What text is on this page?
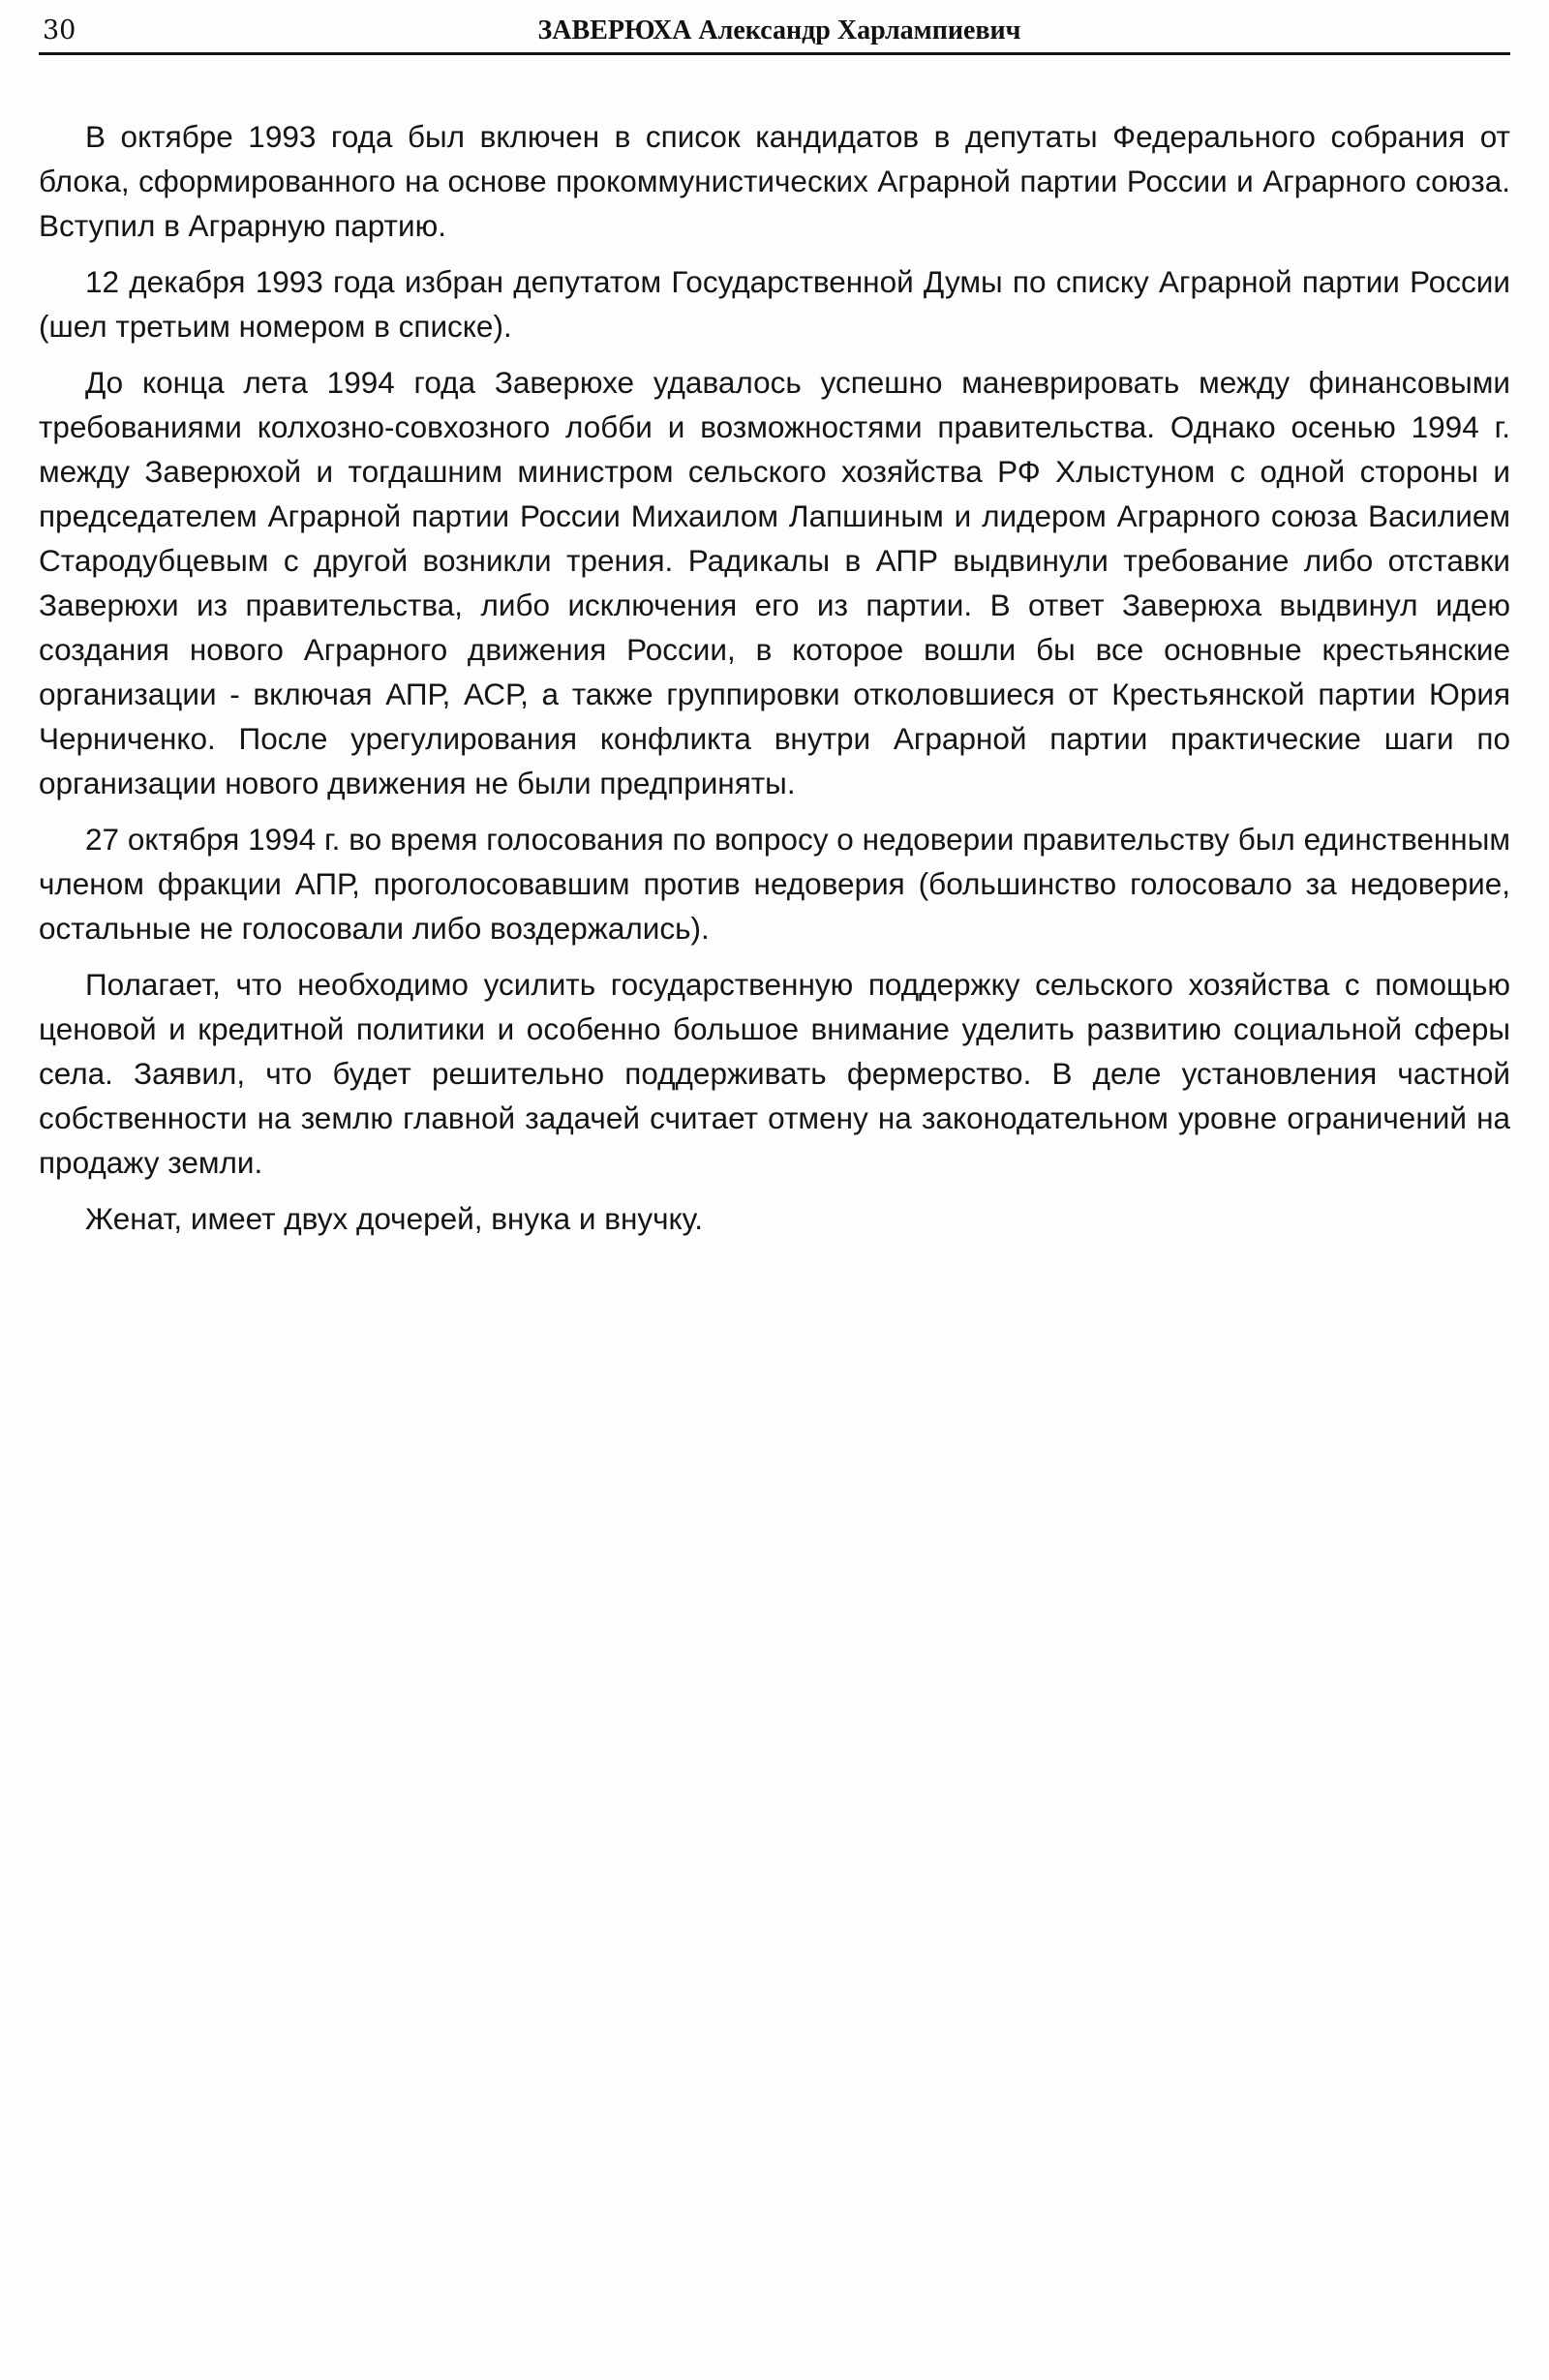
30	ЗАВЕРЮХА Александр Харлампиевич

В октябре 1993 года был включен в список кандидатов в депутаты Федерального собрания от блока, сформированного на основе прокоммунистических Аграрной партии России и Аграрного союза. Вступил в Аграрную партию.

12 декабря 1993 года избран депутатом Государственной Думы по списку Аграрной партии России (шел третьим номером в списке).

До конца лета 1994 года Заверюхе удавалось успешно маневрировать между финансовыми требованиями колхозно-совхозного лобби и возможностями правительства. Однако осенью 1994 г. между Заверюхой и тогдашним министром сельского хозяйства РФ Хлыстуном с одной стороны и председателем Аграрной партии России Михаилом Лапшиным и лидером Аграрного союза Василием Стародубцевым с другой возникли трения. Радикалы в АПР выдвинули требование либо отставки Заверюхи из правительства, либо исключения его из партии. В ответ Заверюха выдвинул идею создания нового Аграрного движения России, в которое вошли бы все основные крестьянские организации - включая АПР, АСР, а также группировки отколовшиеся от Крестьянской партии Юрия Черниченко. После урегулирования конфликта внутри Аграрной партии практические шаги по организации нового движения не были предприняты.

27 октября 1994 г. во время голосования по вопросу о недоверии правительству был единственным членом фракции АПР, проголосовавшим против недоверия (большинство голосовало за недоверие, остальные не голосовали либо воздержались).

Полагает, что необходимо усилить государственную поддержку сельского хозяйства с помощью ценовой и кредитной политики и особенно большое внимание уделить развитию социальной сферы села. Заявил, что будет решительно поддерживать фермерство. В деле установления частной собственности на землю главной задачей считает отмену на законодательном уровне ограничений на продажу земли.

Женат, имеет двух дочерей, внука и внучку.
